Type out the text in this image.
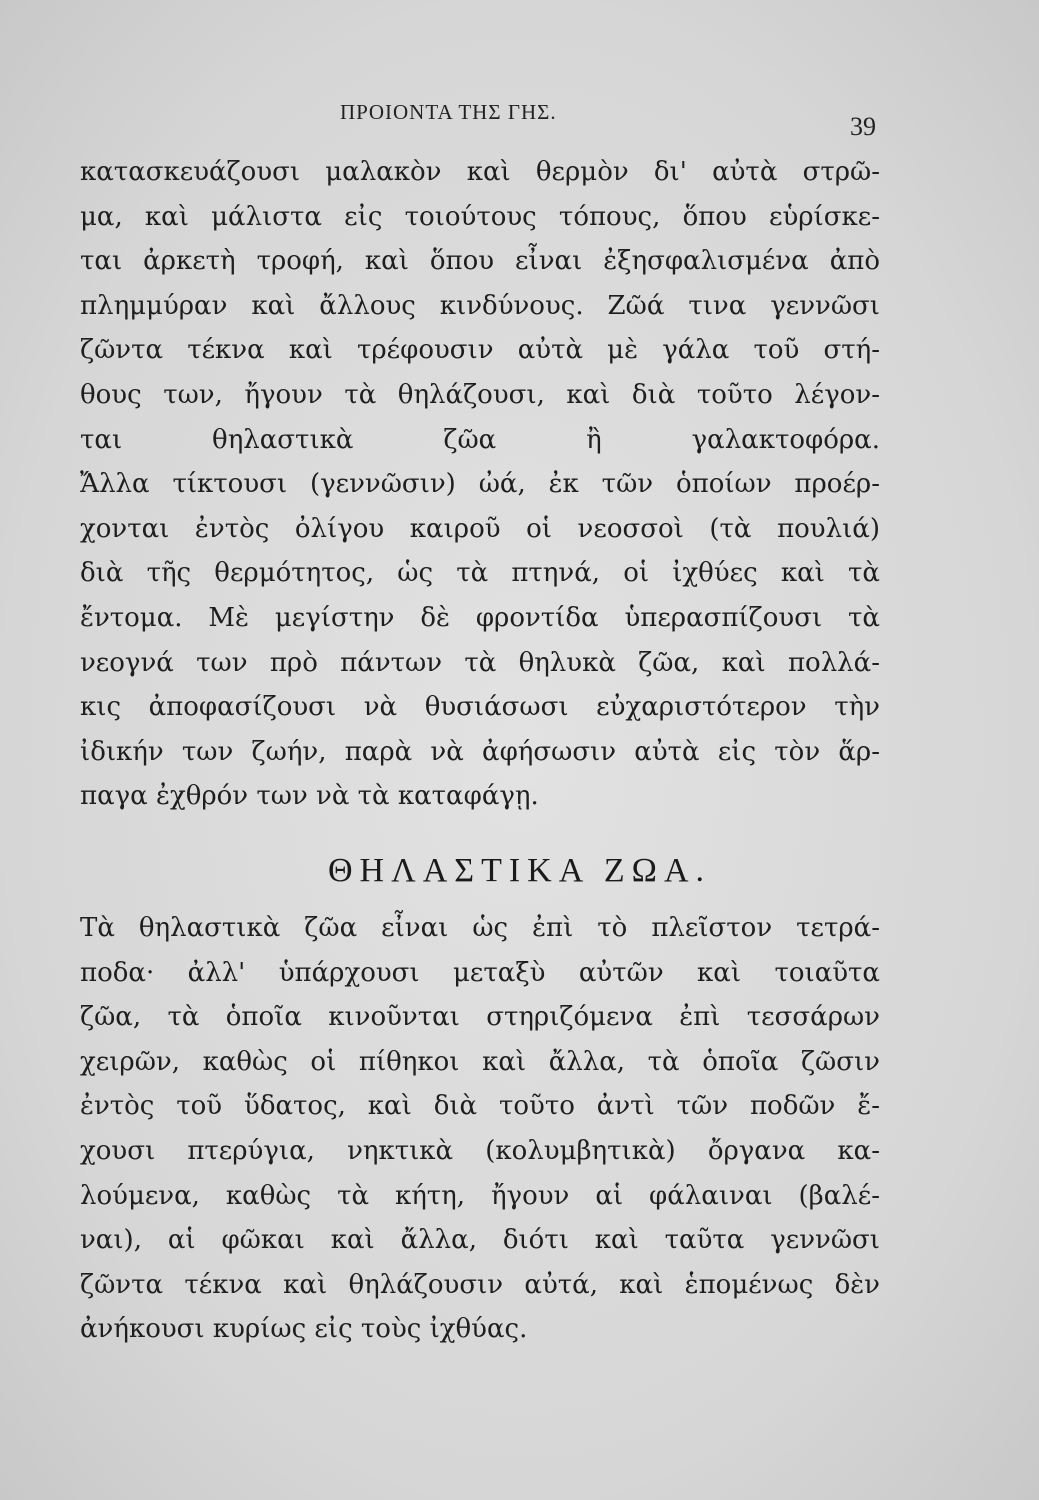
ΠΡΟΙΟΝΤΑ ΤΗΣ ΓΗΣ.	39
κατασκευάζουσι μαλακὸν καὶ θερμὸν δι' αὐτὰ στρῶ-
μα, καὶ μάλιστα εἰς τοιούτους τόπους, ὅπου εὑρίσκε-
ται ἀρκετὴ τροφή, καὶ ὅπου εἶναι ἐξησφαλισμένα ἀπὸ
πλημμύραν καὶ ἄλλους κινδύνους. Ζῶά τινα γεννῶσι
ζῶντα τέκνα καὶ τρέφουσιν αὐτὰ μὲ γάλα τοῦ στή-
θους των, ἤγουν τὰ θηλάζουσι, καὶ διὰ τοῦτο λέγον-
ται θηλαστικὰ ζῶα ἢ γαλακτοφόρα.
Ἄλλα τίκτουσι (γεννῶσιν) ὠά, ἐκ τῶν ὁποίων προέρ-
χονται ἐντὸς ὀλίγου καιροῦ οἱ νεοσσοὶ (τὰ πουλιά)
διὰ τῆς θερμότητος, ὡς τὰ πτηνά, οἱ ἰχθύες καὶ τὰ
ἔντομα. Μὲ μεγίστην δὲ φροντίδα ὑπερασπίζουσι τὰ
νεογνά των πρὸ πάντων τὰ θηλυκὰ ζῶα, καὶ πολλά-
κις ἀποφασίζουσι νὰ θυσιάσωσι εὐχαριστότερον τὴν
ἰδικήν των ζωήν, παρὰ νὰ ἀφήσωσιν αὐτὰ εἰς τὸν ἅρ-
παγα ἐχθρόν των νὰ τὰ καταφάγῃ.
ΘΗΛΑΣΤΙΚΑ ΖΩΑ.
Τὰ θηλαστικὰ ζῶα εἶναι ὡς ἐπὶ τὸ πλεῖστον τετρά-
ποδα· ἀλλ' ὑπάρχουσι μεταξὺ αὐτῶν καὶ τοιαῦτα
ζῶα, τὰ ὁποῖα κινοῦνται στηριζόμενα ἐπὶ τεσσάρων
χειρῶν, καθὼς οἱ πίθηκοι καὶ ἄλλα, τὰ ὁποῖα ζῶσιν
ἐντὸς τοῦ ὕδατος, καὶ διὰ τοῦτο ἀντὶ τῶν ποδῶν ἔ-
χουσι πτερύγια, νηκτικὰ (κολυμβητικὰ) ὄργανα κα-
λούμενα, καθὼς τὰ κήτη, ἤγουν αἱ φάλαιναι (βαλέ-
ναι), αἱ φῶκαι καὶ ἄλλα, διότι καὶ ταῦτα γεννῶσι
ζῶντα τέκνα καὶ θηλάζουσιν αὐτά, καὶ ἑπομένως δὲν
ἀνήκουσι κυρίως εἰς τοὺς ἰχθύας.
